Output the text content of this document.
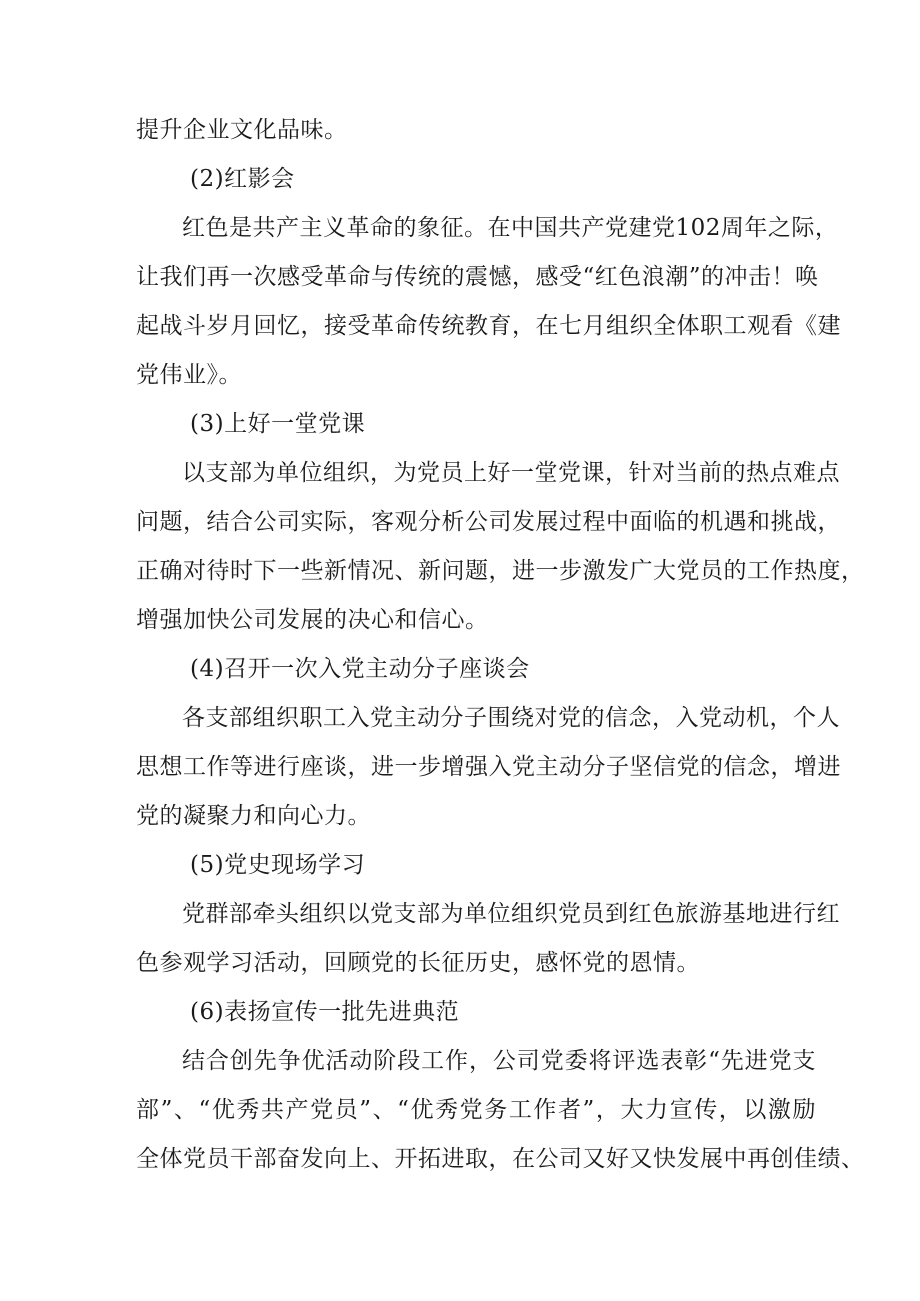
提升企业文化品味。
(2)红影会
红色是共产主义革命的象征。在中国共产党建党102周年之际，
让我们再一次感受革命与传统的震憾，感受“红色浪潮”的冲击！唤
起战斗岁月回忆，接受革命传统教育，在七月组织全体职工观看《建
党伟业》。
(3)上好一堂党课
以支部为单位组织，为党员上好一堂党课，针对当前的热点难点
问题，结合公司实际，客观分析公司发展过程中面临的机遇和挑战，
正确对待时下一些新情况、新问题，进一步激发广大党员的工作热度，
增强加快公司发展的决心和信心。
(4)召开一次入党主动分子座谈会
各支部组织职工入党主动分子围绕对党的信念，入党动机，个人
思想工作等进行座谈，进一步增强入党主动分子坚信党的信念，增进
党的凝聚力和向心力。
(5)党史现场学习
党群部牵头组织以党支部为单位组织党员到红色旅游基地进行红
色参观学习活动，回顾党的长征历史，感怀党的恩情。
(6)表扬宣传一批先进典范
结合创先争优活动阶段工作，公司党委将评选表彰“先进党支
部”、“优秀共产党员”、“优秀党务工作者”，大力宣传，以激励
全体党员干部奋发向上、开拓进取，在公司又好又快发展中再创佳绩、
